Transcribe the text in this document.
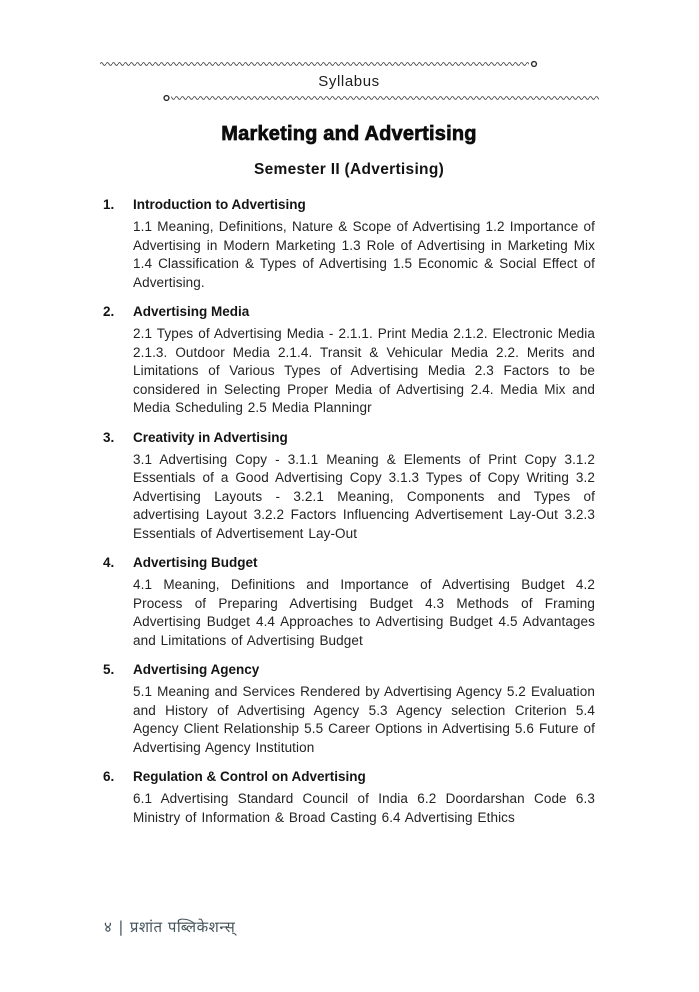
Syllabus
Marketing and Advertising
Semester II (Advertising)
1.	Introduction to Advertising
1.1 Meaning, Definitions, Nature & Scope of Advertising 1.2 Importance of Advertising in Modern Marketing 1.3 Role of Advertising in Marketing Mix 1.4 Classification & Types of Advertising 1.5 Economic & Social Effect of Advertising.
2.	Advertising Media
2.1 Types of Advertising Media - 2.1.1. Print Media 2.1.2. Electronic Media 2.1.3. Outdoor Media 2.1.4. Transit & Vehicular Media 2.2. Merits and Limitations of Various Types of Advertising Media 2.3 Factors to be considered in Selecting Proper Media of Advertising 2.4. Media Mix and Media Scheduling 2.5 Media Planningr
3.	Creativity in Advertising
3.1 Advertising Copy - 3.1.1 Meaning & Elements of Print Copy 3.1.2 Essentials of a Good Advertising Copy 3.1.3 Types of Copy Writing 3.2 Advertising Layouts - 3.2.1 Meaning, Components and Types of advertising Layout 3.2.2 Factors Influencing Advertisement Lay-Out 3.2.3 Essentials of Advertisement Lay-Out
4.	Advertising Budget
4.1 Meaning, Definitions and Importance of Advertising Budget 4.2 Process of Preparing Advertising Budget 4.3 Methods of Framing Advertising Budget 4.4 Approaches to Advertising Budget 4.5 Advantages and Limitations of Advertising Budget
5.	Advertising Agency
5.1 Meaning and Services Rendered by Advertising Agency 5.2 Evaluation and History of Advertising Agency 5.3 Agency selection Criterion 5.4 Agency Client Relationship 5.5 Career Options in Advertising 5.6 Future of Advertising Agency Institution
6.	Regulation & Control on Advertising
6.1 Advertising Standard Council of India 6.2 Doordarshan Code 6.3 Ministry of Information & Broad Casting 6.4 Advertising Ethics
४ | प्रशांत पब्लिकेशन्स्
